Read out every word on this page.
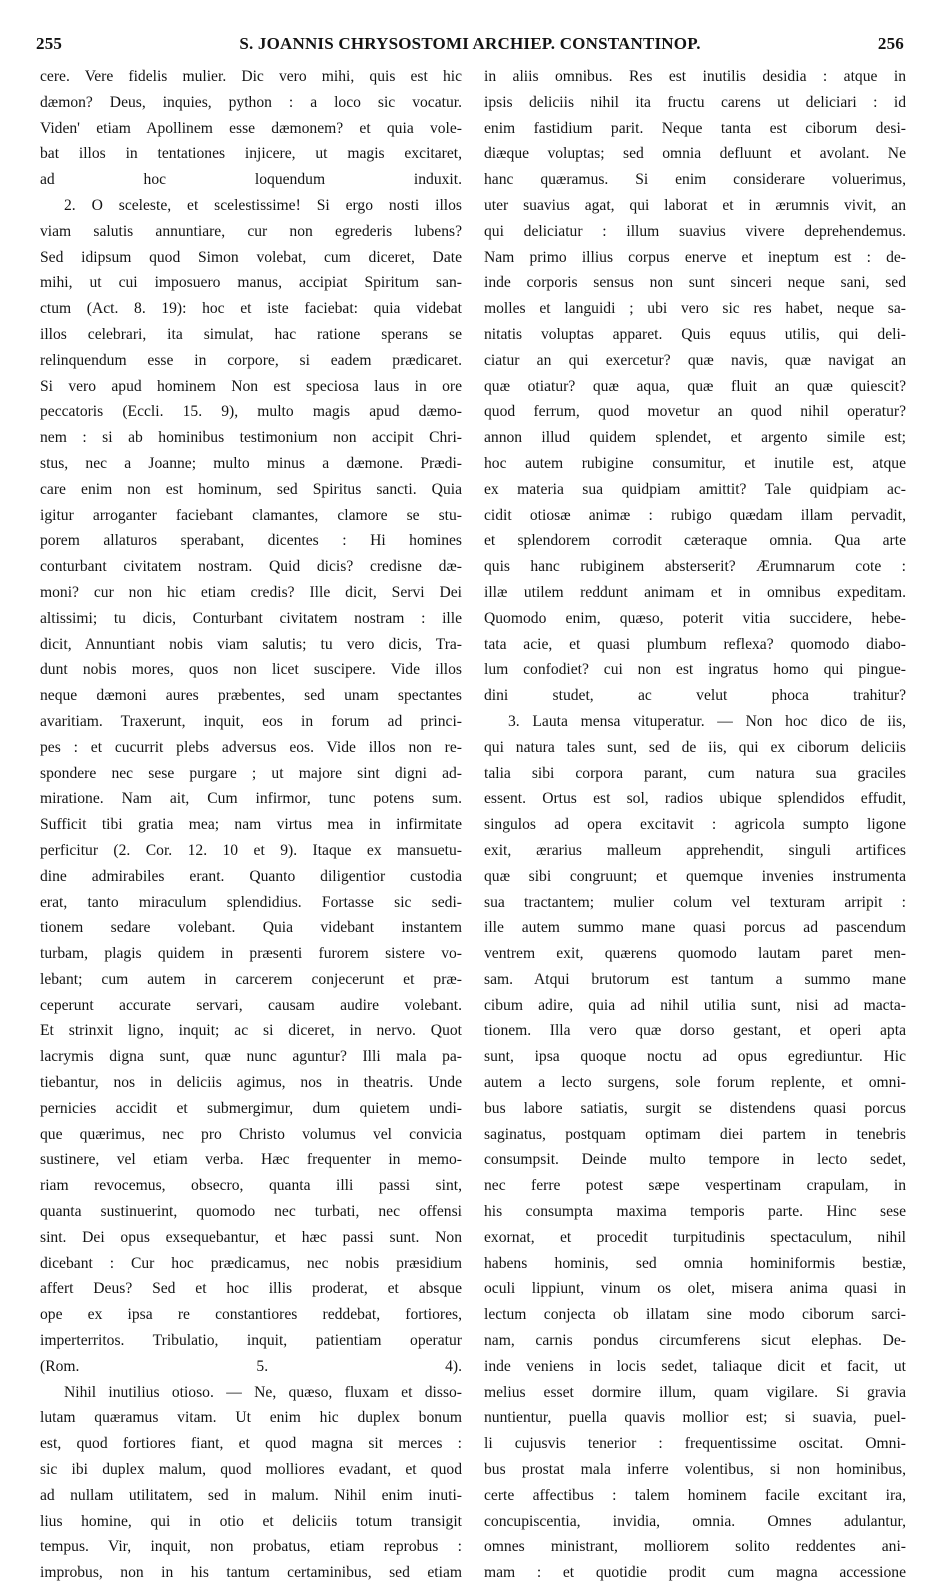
255	S. JOANNIS CHRYSOSTOMI ARCHIEP. CONSTANTINOP.	256

cere. Vere fidelis mulier. Dic vero mihi, quis est hic
dæmon? Deus, inquies, python : a loco sic vocatur.
Viden' etiam Apollinem esse dæmonem? et quia vole-
bat illos in tentationes injicere, ut magis excitaret,
ad hoc loquendum induxit.
2. O scelestе, et scelestissime! Si ergo nosti illos
viam salutis annuntiare, cur non egrederis lubens?
Sed idipsum quod Simon volebat, cum diceret, Date
mihi, ut cui imposuero manus, accipiat Spiritum san-
ctum (Act. 8. 19): hoc et iste faciebat: quia videbat
illos celebrari, ita simulat, hac ratione sperans se
relinquendum esse in corpore, si eadem prædicaret.
Si vero apud hominem Non est speciosa laus in ore
peccatoris (Eccli. 15. 9), multo magis apud dæmo-
nem : si ab hominibus testimonium non accipit Chri-
stus, nec a Joanne; multo minus a dæmone. Prædi-
care enim non est hominum, sed Spiritus sancti. Quia
igitur arroganter faciebant clamantes, clamore se stu-
porem allaturos sperabant, dicentes : Hi homines
conturbant civitatem nostram. Quid dicis? credisne dæ-
moni? cur non hic etiam credis? Ille dicit, Servi Dei
altissimi; tu dicis, Conturbant civitatem nostram : ille
dicit, Annuntiant nobis viam salutis; tu vero dicis, Tra-
dunt nobis mores, quos non licet suscipere. Vide illos
neque dæmoni aures præbentes, sed unam spectantes
avaritiam. Traxerunt, inquit, eos in forum ad princi-
pes : et cucurrit plebs adversus eos. Vide illos non re-
spondere nec sese purgare ; ut majore sint digni ad-
miratione. Nam ait, Cum infirmor, tunc potens sum.
Sufficit tibi gratia mea; nam virtus mea in infirmitate
perficitur (2. Cor. 12. 10 et 9). Itaque ex mansuetu-
dine admirabiles erant. Quanto diligentior custodia
erat, tanto miraculum splendidius. Fortasse sic sedi-
tionem sedare volebant. Quia videbant instantem
turbam, plagis quidem in præsenti furorem sistere vo-
lebant; cum autem in carcerem conjecerunt et præ-
ceperunt accurate servari, causam audire volebant.
Et strinxit ligno, inquit; ac si diceret, in nervo. Quot
lacrymis digna sunt, quæ nunc aguntur? Illi mala pa-
tiebantur, nos in deliciis agimus, nos in theatris. Unde
pernicies accidit et submergimur, dum quietem undi-
que quærimus, nec pro Christo volumus vel convicia
sustinere, vel etiam verba. Hæc frequenter in memo-
riam revocemus, obsecro, quanta illi passi sint,
quanta sustinuerint, quomodo nec turbati, nec offensi
sint. Dei opus exsequebantur, et hæc passi sunt. Non
dicebant : Cur hoc prædicamus, nec nobis præsidium
affert Deus? Sed et hoc illis proderat, et absque
ope ex ipsa re constantiores reddebat, fortiores,
imperterritos. Tribulatio, inquit, patientiam operatur
(Rom. 5. 4).
Nihil inutilius otioso. — Ne, quæso, fluxam et disso-
lutam quæramus vitam. Ut enim hic duplex bonum
est, quod fortiores fiant, et quod magna sit merces :
sic ibi duplex malum, quod molliores evadant, et quod
ad nullam utilitatem, sed in malum. Nihil enim inuti-
lius homine, qui in otio et deliciis totum transigit
tempus. Vir, inquit, non probatus, etiam reprobus :
improbus, non in his tantum certaminibus, sed etiam

in aliis omnibus. Res est inutilis desidia : atque in
ipsis deliciis nihil ita fructu carens ut deliciari : id
enim fastidium parit. Neque tanta est ciborum desi-
diæque voluptas; sed omnia defluunt et avolant. Ne
hanc quæramus. Si enim considerare voluerimus,
uter suavius agat, qui laborat et in ærumnis vivit, an
qui deliciatur : illum suavius vivere deprehendemus.
Nam primo illius corpus enerve et ineptum est : de-
inde corporis sensus non sunt sinceri neque sani, sed
molles et languidi ; ubi vero sic res habet, neque sa-
nitatis voluptas apparet. Quis equus utilis, qui deli-
ciatur an qui exercetur? quæ navis, quæ navigat an
quæ otiatur? quæ aqua, quæ fluit an quæ quiescit?
quod ferrum, quod movetur an quod nihil operatur?
annon illud quidem splendet, et argento simile est;
hoc autem rubigine consumitur, et inutile est, atque
ex materia sua quidpiam amittit? Tale quidpiam ac-
cidit otiosæ animæ : rubigo quædam illam pervadit,
et splendorem corrodit cæteraque omnia. Qua arte
quis hanc rubiginem absterserit? Ærumnarum cote :
illæ utilem reddunt animam et in omnibus expeditam.
Quomodo enim, quæso, poterit vitia succidere, hebe-
tata acie, et quasi plumbum reflexa? quomodo diabo-
lum confodiet? cui non est ingratus homo qui pingue-
dini studet, ac velut phoca trahitur?
3. Lauta mensa vituperatur. — Non hoc dico de iis,
qui natura tales sunt, sed de iis, qui ex ciborum deliciis
talia sibi corpora parant, cum natura sua graciles
essent. Ortus est sol, radios ubique splendidos effudit,
singulos ad opera excitavit : agricola sumpto ligone
exit, ærarius malleum apprehendit, singuli artifices
quæ sibi congruunt; et quemque invenies instrumenta
sua tractantem; mulier colum vel texturam arripit :
ille autem summo mane quasi porcus ad pascendum
ventrem exit, quærens quomodo lautam paret men-
sam. Atqui brutorum est tantum a summo mane
cibum adire, quia ad nihil utilia sunt, nisi ad macta-
tionem. Illa vero quæ dorso gestant, et operi apta
sunt, ipsa quoque noctu ad opus egrediuntur. Hic
autem a lecto surgens, sole forum replente, et omni-
bus labore satiatis, surgit se distendens quasi porcus
saginatus, postquam optimam diei partem in tenebris
consumpsit. Deinde multo tempore in lecto sedet,
nec ferre potest sæpe vespertinam crapulam, in
his consumpta maxima temporis parte. Hinc sese
exornat, et procedit turpitudinis spectaculum, nihil
habens hominis, sed omnia hominiformis bestiæ,
oculi lippiunt, vinum os olet, misera anima quasi in
lectum conjecta ob illatam sine modo ciborum sarci-
nam, carnis pondus circumferens sicut elephas. De-
inde veniens in locis sedet, taliaque dicit et facit, ut
melius esset dormire illum, quam vigilare. Si gravia
nuntientur, puella quavis mollior est; si suavia, puel-
li cujusvis tenerior : frequentissime oscitat. Omni-
bus prostat mala inferre volentibus, si non hominibus,
certe affectibus : talem hominem facile excitant ira,
concupiscentia, invidia, omnia. Omnes adulantur,
omnes ministrant, molliorem solito reddentes ani-
mam : et quotidie prodit cum magna accessione
